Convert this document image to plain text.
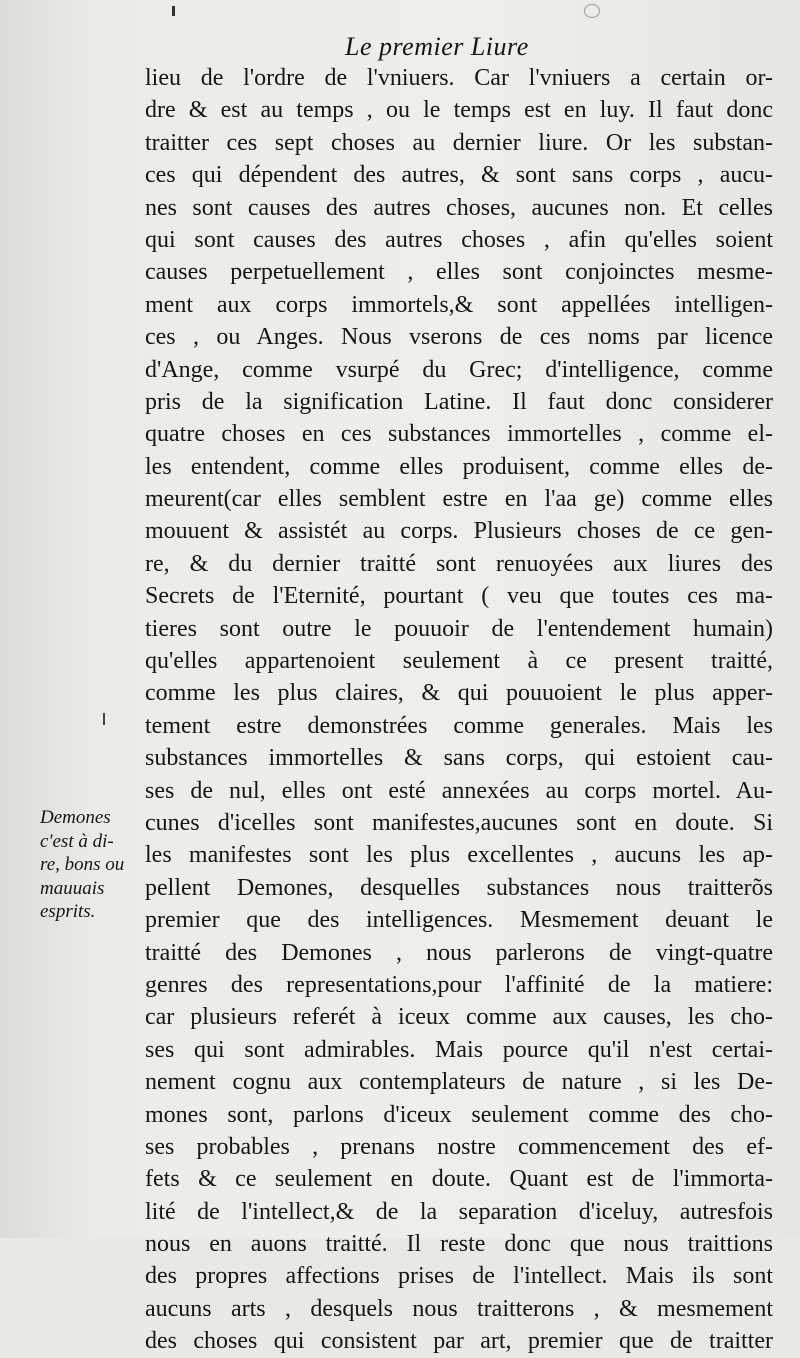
Le premier Liure
Demones
c'est à di-
re, bons ou
mauuais
esprits.
lieu de l'ordre de l'vniuers. Car l'vniuers a certain or-
dre & est au temps , ou le temps est en luy. Il faut donc
traitter ces sept choses au dernier liure. Or les substan-
ces qui dépendent des autres, & sont sans corps , aucu-
nes sont causes des autres choses, aucunes non. Et celles
qui sont causes des autres choses , afin qu'elles soient
causes perpetuellement , elles sont conjoinctes mesme-
ment aux corps immortels,& sont appellées intelligen-
ces , ou Anges. Nous vserons de ces noms par licence
d'Ange, comme vsurpé du Grec; d'intelligence, comme
pris de la signification Latine. Il faut donc considerer
quatre choses en ces substances immortelles , comme el-
les entendent, comme elles produisent, comme elles de-
meurent(car elles semblent estre en l'aa ge) comme elles
mouuent & assistét au corps. Plusieurs choses de ce gen-
re, & du dernier traitté sont renuoyées aux liures des
Secrets de l'Eternité, pourtant ( veu que toutes ces ma-
tieres sont outre le pouuoir de l'entendement humain)
qu'elles appartenoient seulement à ce present traitté,
comme les plus claires, & qui pouuoient le plus apper-
tement estre demonstrées comme generales. Mais les
substances immortelles & sans corps, qui estoient cau-
ses de nul, elles ont esté annexées au corps mortel. Au-
cunes d'icelles sont manifestes,aucunes sont en doute. Si
les manifestes sont les plus excellentes , aucuns les ap-
pellent Demones, desquelles substances nous traitterõs
premier que des intelligences. Mesmement deuant le
traitté des Demones , nous parlerons de vingt-quatre
genres des representations,pour l'affinité de la matiere:
car plusieurs referét à iceux comme aux causes, les cho-
ses qui sont admirables. Mais pource qu'il n'est certai-
nement cognu aux contemplateurs de nature , si les De-
mones sont, parlons d'iceux seulement comme des cho-
ses probables , prenans nostre commencement des ef-
fets & ce seulement en doute. Quant est de l'immorta-
lité de l'intellect,& de la separation d'iceluy, autresfois
nous en auons traitté. Il reste donc que nous traittions
des propres affections prises de l'intellect. Mais ils sont
aucuns arts , desquels nous traitterons , & mesmement
des choses qui consistent par art, premier que de traitter
